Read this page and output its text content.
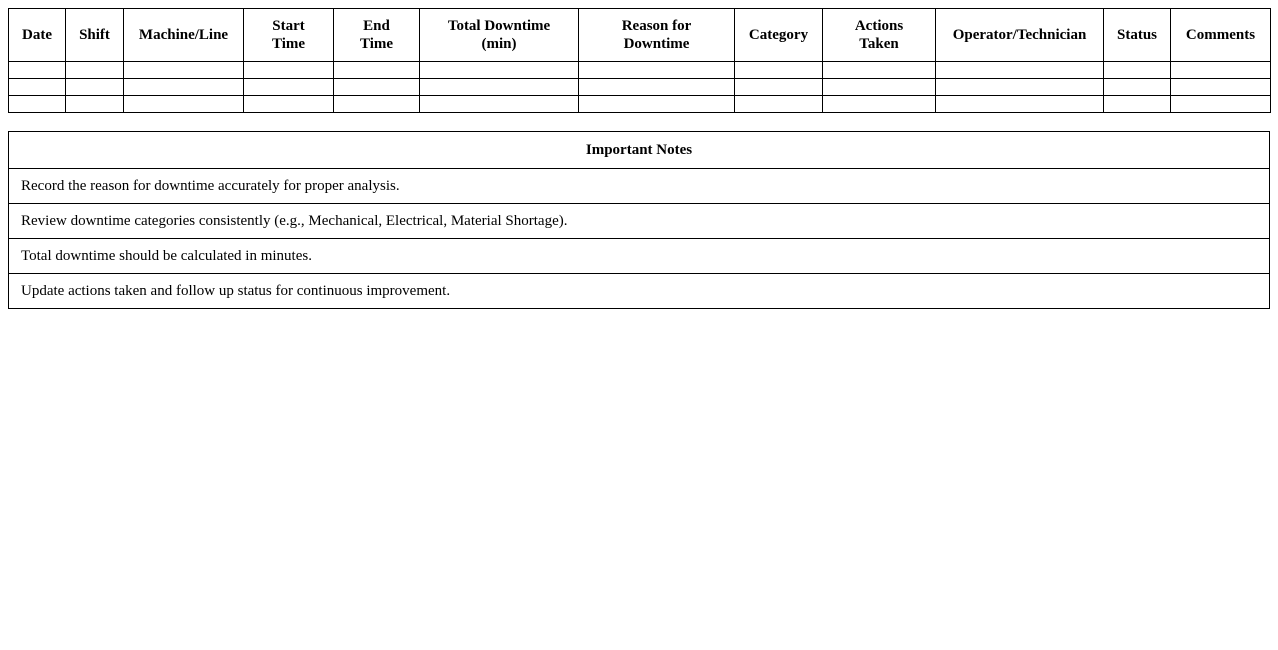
Date	Shift	Machine/Line	Start Time	End Time	Total Downtime (min)	Reason for Downtime	Category	Actions Taken	Operator/Technician	Status	Comments

Important Notes
Record the reason for downtime accurately for proper analysis.
Review downtime categories consistently (e.g., Mechanical, Electrical, Material Shortage).
Total downtime should be calculated in minutes.
Update actions taken and follow up status for continuous improvement.
